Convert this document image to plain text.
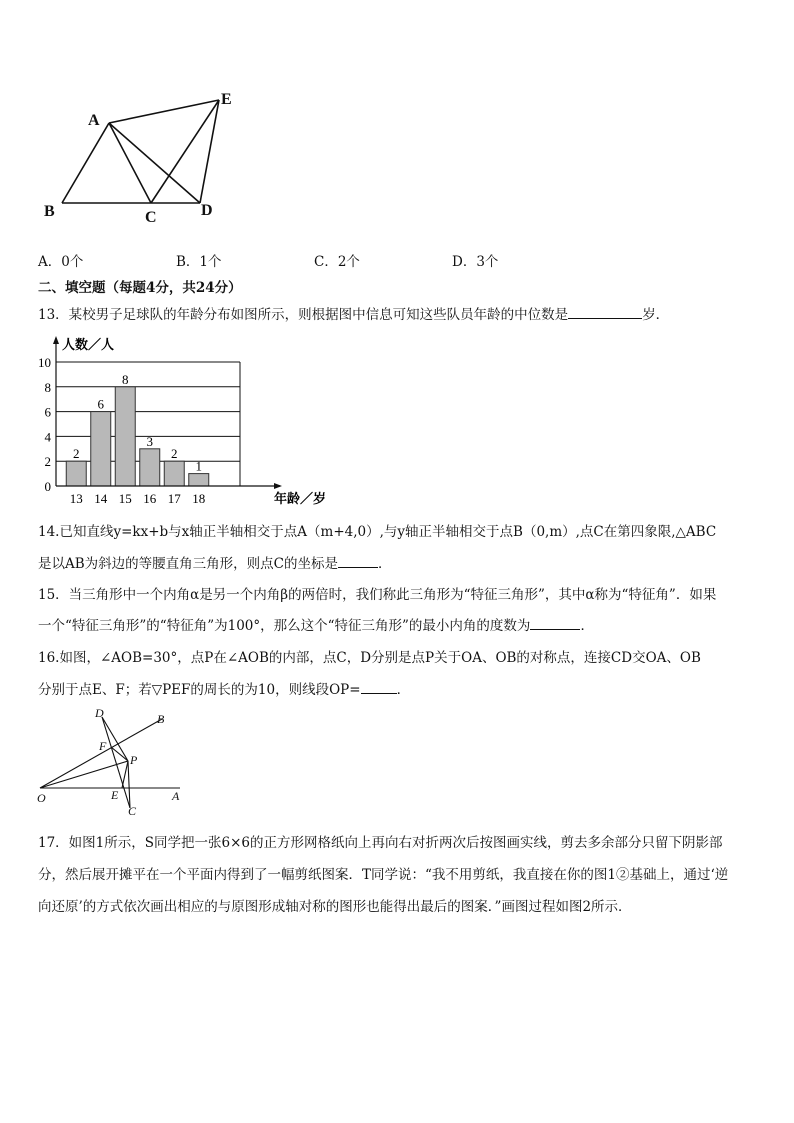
A
B	C	D
E
A．0个	B．1个	C．2个	D．3个
二、填空题（每题4分，共24分）
13．某校男子足球队的年龄分布如图所示，则根据图中信息可知这些队员年龄的中位数是	岁．
0
2
4
6
8
10
2
13
6
14
8
15
3
16
2
17
1
18
人数／人
年龄／岁
14.已知直线y=kx+b与x轴正半轴相交于点A（m+4,0）,与y轴正半轴相交于点B（0,m）,点C在第四象限,△ABC
是以AB为斜边的等腰直角三角形，则点C的坐标是	．
15．当三角形中一个内角α是另一个内角β的两倍时，我们称此三角形为“特征三角形”，其中α称为“特征角”．如果
一个“特征三角形”的“特征角”为100°，那么这个“特征三角形”的最小内角的度数为	．
16.如图，∠AOB=30°，点P在∠AOB的内部，点C，D分别是点P关于OA、OB的对称点，连接CD交OA、OB
分别于点E、F；若▽PEF的周长的为10，则线段OP=	．
D	B
F
P
O	E
C
A
17．如图1所示，S同学把一张6×6的正方形网格纸向上再向右对折两次后按图画实线，剪去多余部分只留下阴影部
分，然后展开摊平在一个平面内得到了一幅剪纸图案．T同学说：“我不用剪纸，我直接在你的图1②基础上，通过‘逆
向还原’的方式依次画出相应的与原图形成轴对称的图形也能得出最后的图案．”画图过程如图2所示．
